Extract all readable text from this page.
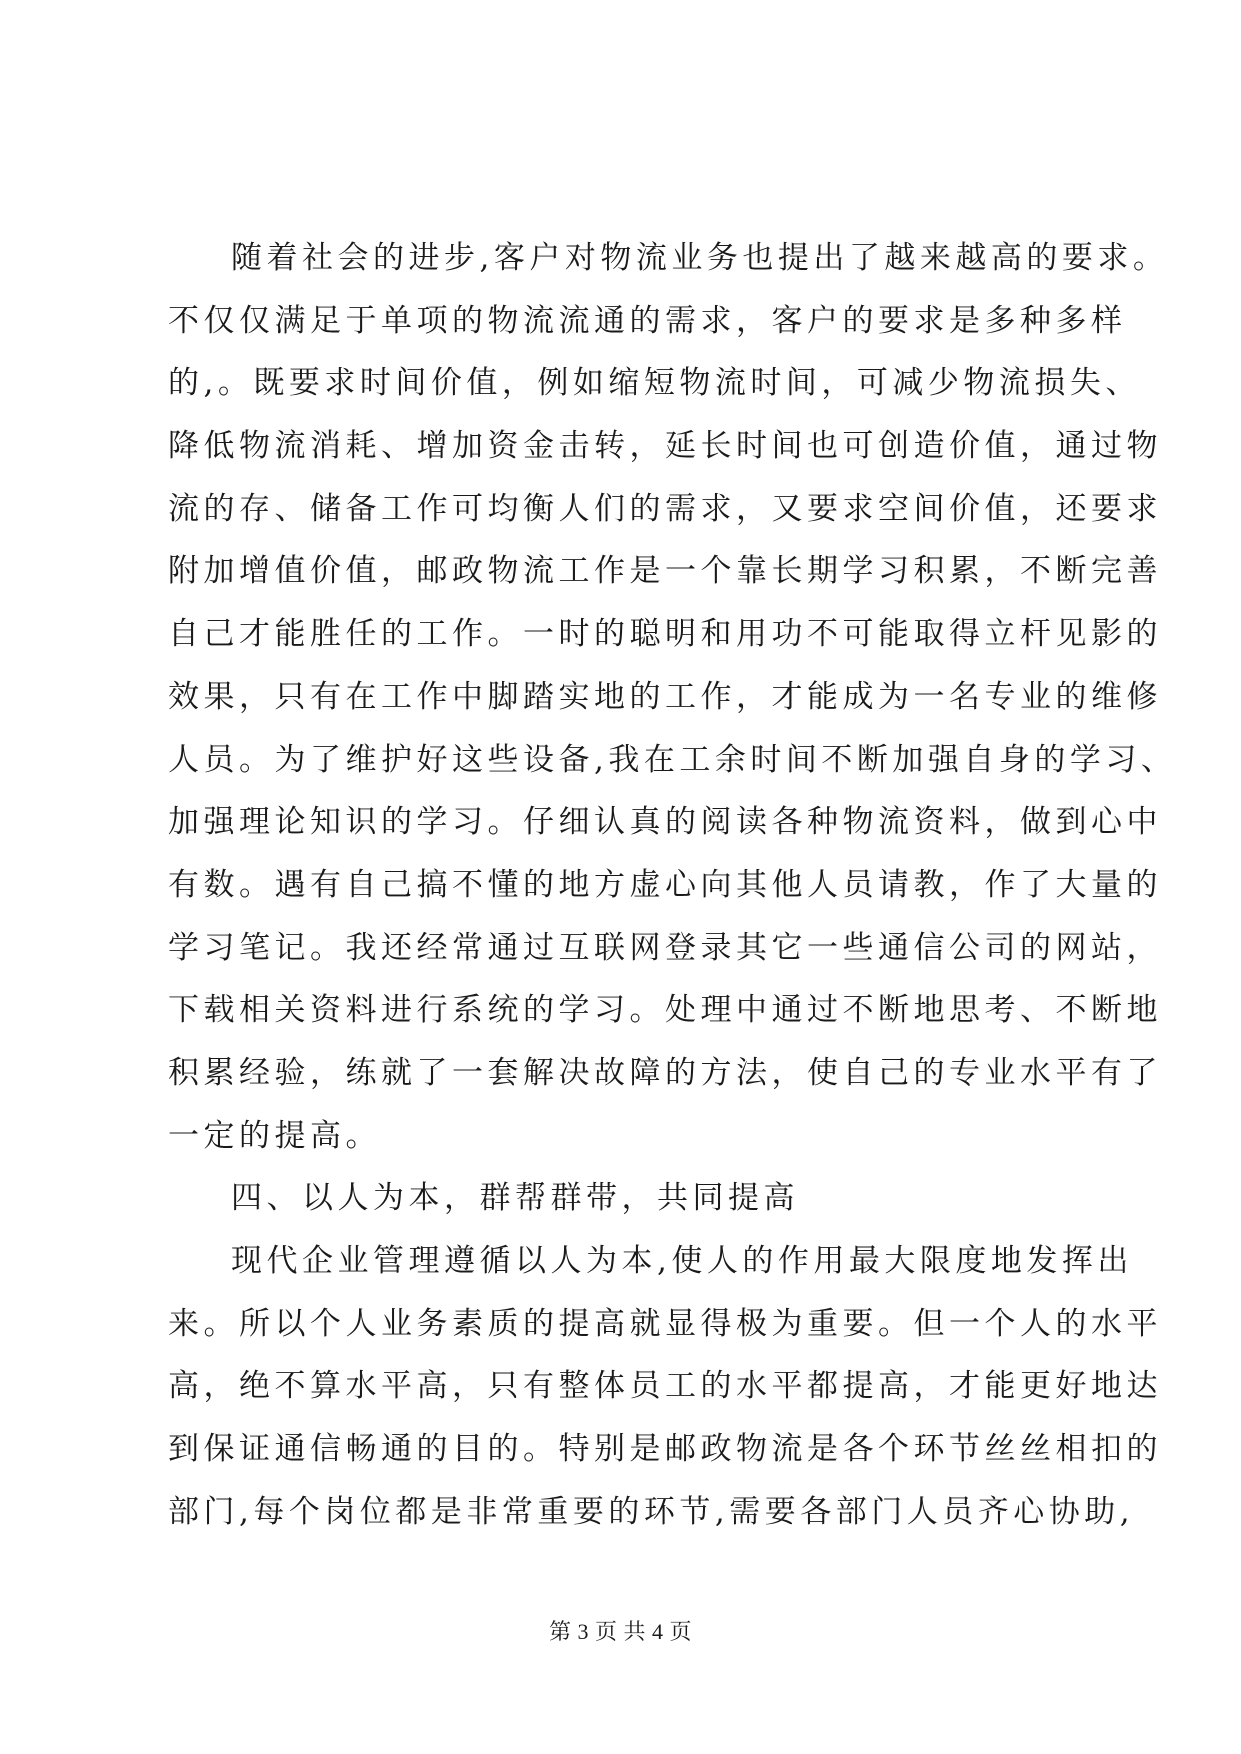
随着社会的进步,客户对物流业务也提出了越来越高的要求。
不仅仅满足于单项的物流流通的需求，客户的要求是多种多样
的,。既要求时间价值，例如缩短物流时间，可减少物流损失、
降低物流消耗、增加资金击转，延长时间也可创造价值，通过物
流的存、储备工作可均衡人们的需求，又要求空间价值，还要求
附加增值价值，邮政物流工作是一个靠长期学习积累，不断完善
自己才能胜任的工作。一时的聪明和用功不可能取得立杆见影的
效果，只有在工作中脚踏实地的工作，才能成为一名专业的维修
人员。为了维护好这些设备,我在工余时间不断加强自身的学习、
加强理论知识的学习。仔细认真的阅读各种物流资料，做到心中
有数。遇有自己搞不懂的地方虚心向其他人员请教，作了大量的
学习笔记。我还经常通过互联网登录其它一些通信公司的网站，
下载相关资料进行系统的学习。处理中通过不断地思考、不断地
积累经验，练就了一套解决故障的方法，使自己的专业水平有了
一定的提高。
四、以人为本，群帮群带，共同提高
现代企业管理遵循以人为本,使人的作用最大限度地发挥出
来。所以个人业务素质的提高就显得极为重要。但一个人的水平
高，绝不算水平高，只有整体员工的水平都提高，才能更好地达
到保证通信畅通的目的。特别是邮政物流是各个环节丝丝相扣的
部门,每个岗位都是非常重要的环节,需要各部门人员齐心协助,
第 3 页 共 4 页
